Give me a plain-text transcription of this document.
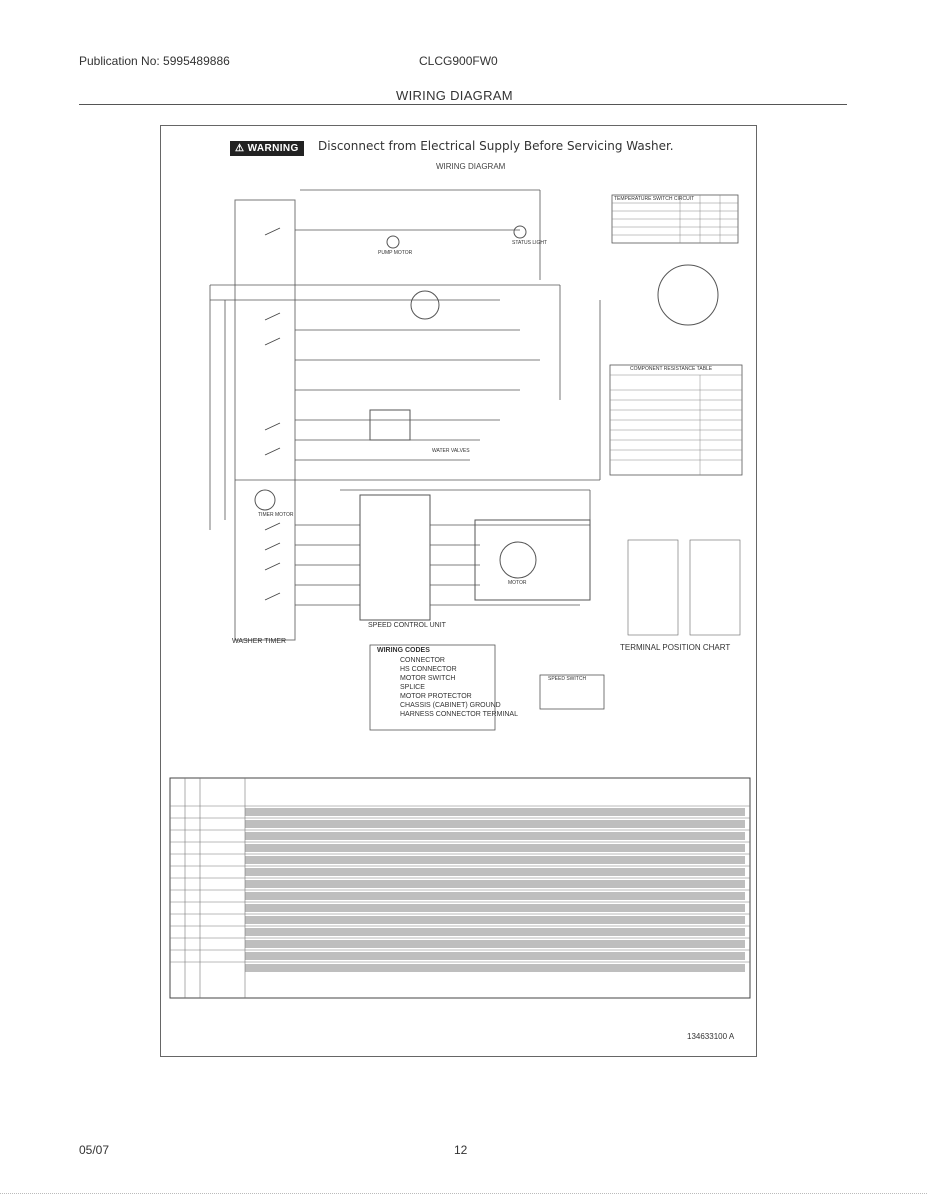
Publication No: 5995489886	CLCG900FW0
WIRING DIAGRAM
⚠ WARNING	Disconnect from Electrical Supply Before Servicing Washer.
WIRING DIAGRAM
WIRING CODES
CONNECTOR
HS CONNECTOR
MOTOR SWITCH
SPLICE
MOTOR PROTECTOR
CHASSIS (CABINET) GROUND
HARNESS CONNECTOR TERMINAL
WASHER TIMER
SPEED CONTROL UNIT
TERMINAL POSITION CHART
TEMPERATURE SWITCH CIRCUIT
COMPONENT RESISTANCE TABLE
SPEED SWITCH
PUMP MOTOR
TIMER MOTOR
WATER VALVES
STATUS LIGHT
MOTOR
134633100 A
05/07	12
